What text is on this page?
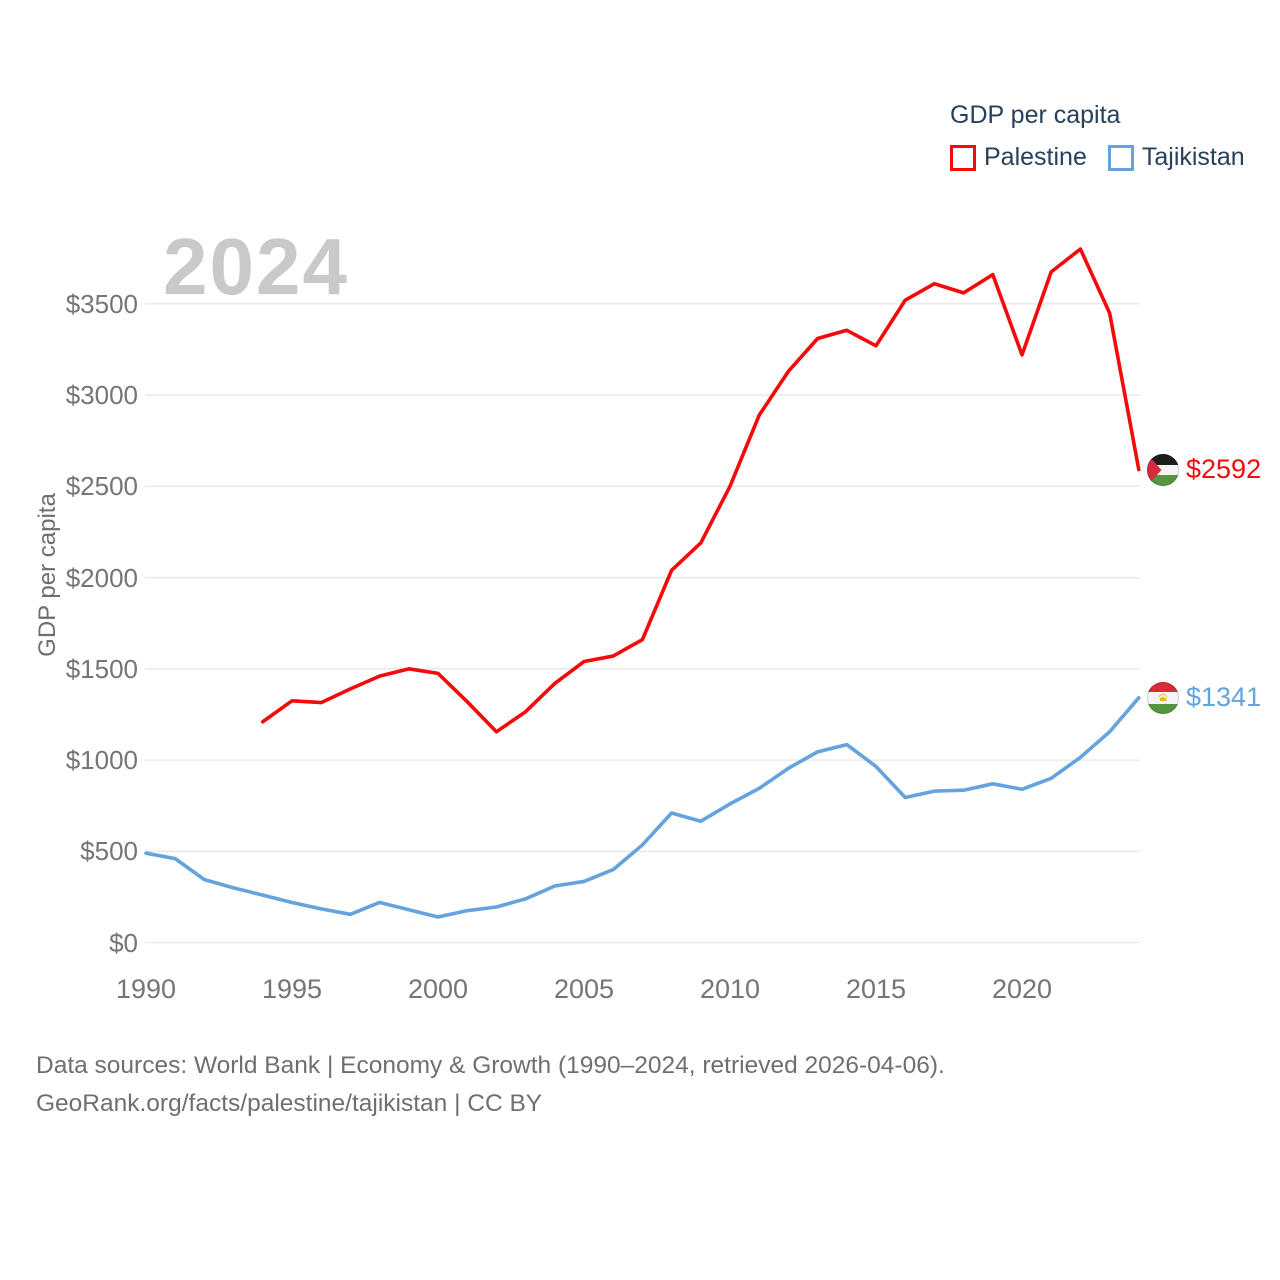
GDP per capita
Palestine Tajikistan
2024
GDP per capita
$0
$500
$1000
$1500
$2000
$2500
$3000
$3500
1990	1995	2000	2005	2010	2015	2020
$2592
$1341
Data sources: World Bank | Economy & Growth (1990–2024, retrieved 2026-04-06).
GeoRank.org/facts/palestine/tajikistan | CC BY
